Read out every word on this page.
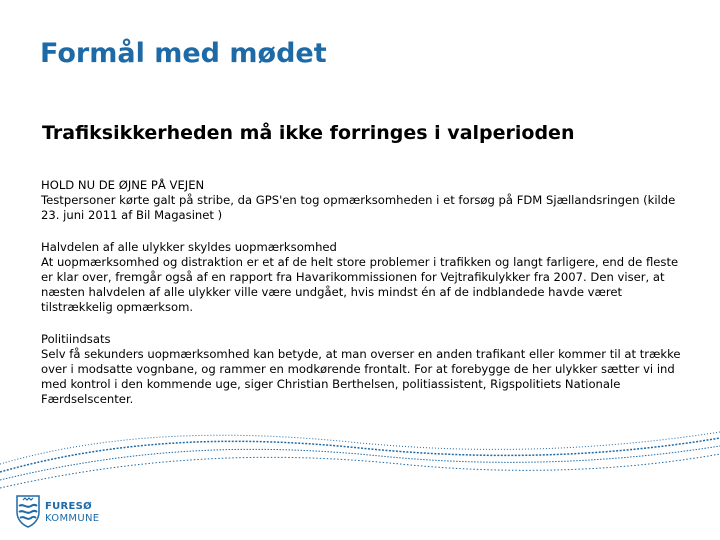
Formål med mødet
Trafiksikkerheden må ikke forringes i valperioden
HOLD NU DE ØJNE PÅ VEJEN
Testpersoner kørte galt på stribe, da GPS'en tog opmærksomheden i et forsøg på FDM Sjællandsringen (kilde
23. juni 2011 af Bil Magasinet )
Halvdelen af alle ulykker skyldes uopmærksomhed
At uopmærksomhed og distraktion er et af de helt store problemer i trafikken og langt farligere, end de fleste
er klar over, fremgår også af en rapport fra Havarikommissionen for Vejtrafikulykker fra 2007. Den viser, at
næsten halvdelen af alle ulykker ville være undgået, hvis mindst én af de indblandede havde været
tilstrækkelig opmærksom.
Politiindsats
Selv få sekunders uopmærksomhed kan betyde, at man overser en anden trafikant eller kommer til at trække
over i modsatte vognbane, og rammer en modkørende frontalt. For at forebygge de her ulykker sætter vi ind
med kontrol i den kommende uge, siger Christian Berthelsen, politiassistent, Rigspolitiets Nationale
Færdselscenter.
FURESØ
KOMMUNE
